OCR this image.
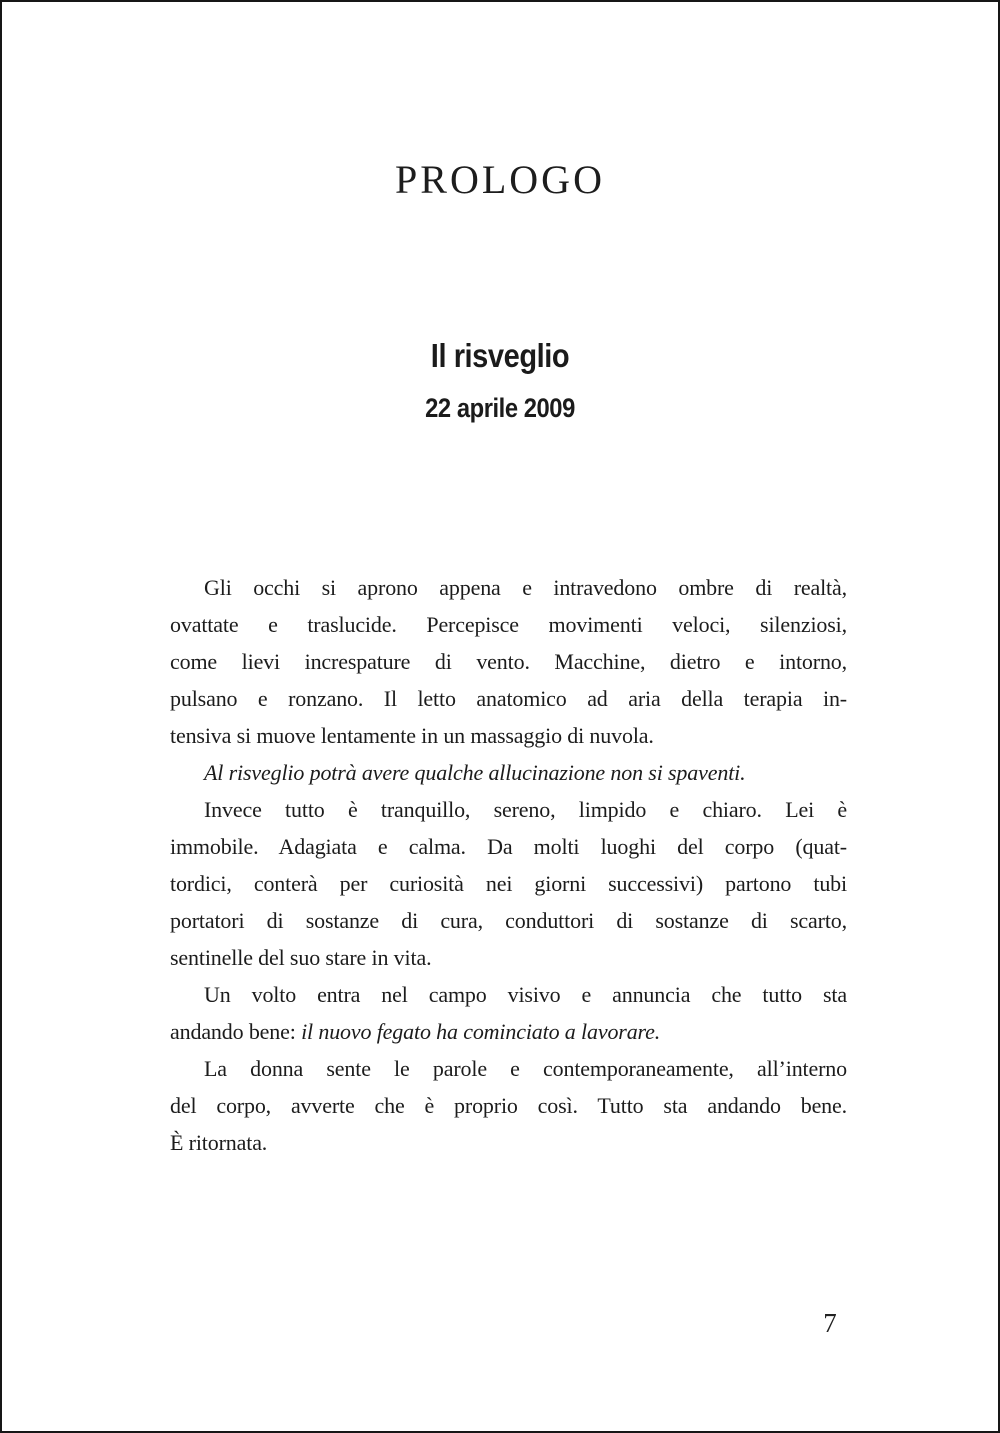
PROLOGO
Il risveglio
22 aprile 2009
Gli occhi si aprono appena e intravedono ombre di realtà,
ovattate e traslucide. Percepisce movimenti veloci, silenziosi,
come lievi increspature di vento. Macchine, dietro e intorno,
pulsano e ronzano. Il letto anatomico ad aria della terapia in-
tensiva si muove lentamente in un massaggio di nuvola.
Al risveglio potrà avere qualche allucinazione non si spaventi.
Invece tutto è tranquillo, sereno, limpido e chiaro. Lei è
immobile. Adagiata e calma. Da molti luoghi del corpo (quat-
tordici, conterà per curiosità nei giorni successivi) partono tubi
portatori di sostanze di cura, conduttori di sostanze di scarto,
sentinelle del suo stare in vita.
Un volto entra nel campo visivo e annuncia che tutto sta
andando bene: il nuovo fegato ha cominciato a lavorare.
La donna sente le parole e contemporaneamente, all’interno
del corpo, avverte che è proprio così. Tutto sta andando bene.
È ritornata.
7
